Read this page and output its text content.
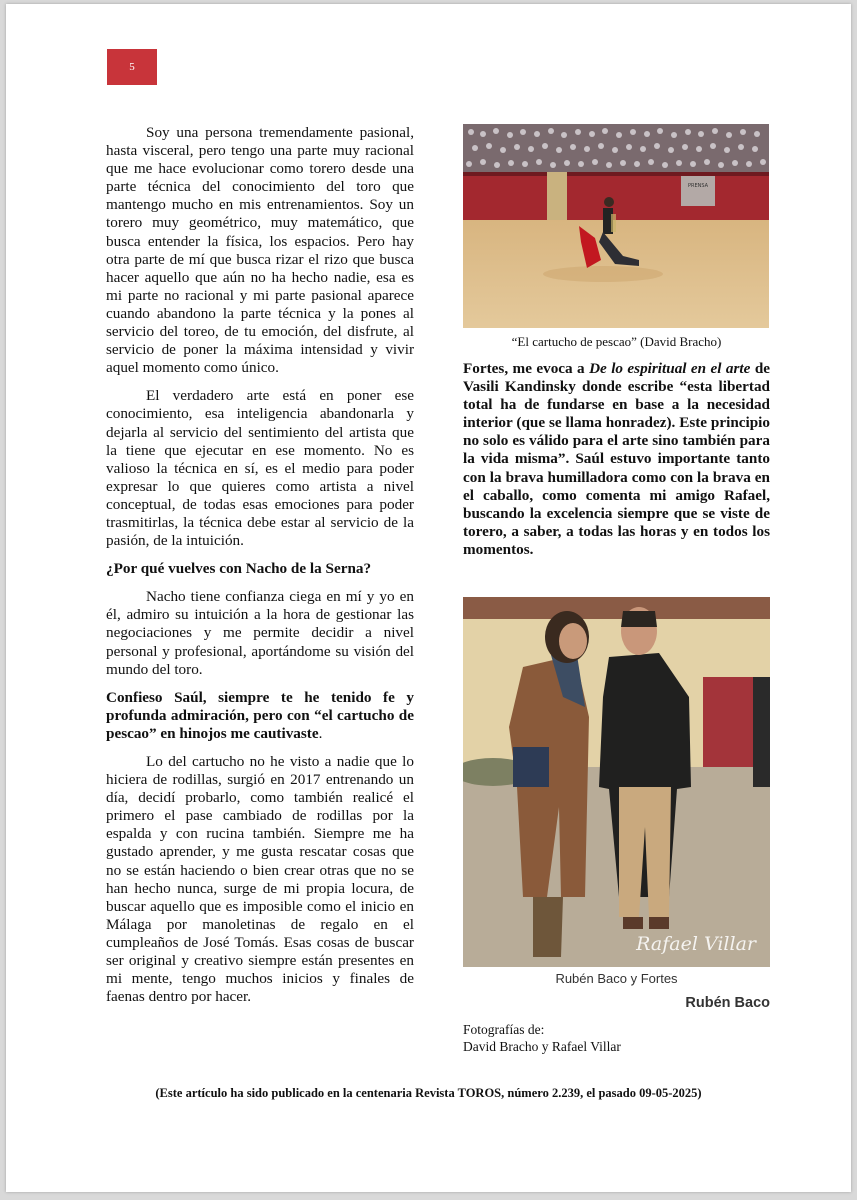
5

Soy una persona tremendamente pasional, hasta visceral, pero tengo una parte muy racional que me hace evolucionar como torero desde una parte técnica del conocimiento del toro que mantengo mucho en mis entrenamientos. Soy un torero muy geométrico, muy matemático, que busca entender la física, los espacios. Pero hay otra parte de mí que busca rizar el rizo que busca hacer aquello que aún no ha hecho nadie, esa es mi parte no racional y mi parte pasional aparece cuando abandono la parte técnica y la pones al servicio del toreo, de tu emoción, del disfrute, al servicio de poner la máxima intensidad y vivir aquel momento como único.

El verdadero arte está en poner ese conocimiento, esa inteligencia abandonarla y dejarla al servicio del sentimiento del artista que la tiene que ejecutar en ese momento. No es valioso la técnica en sí, es el medio para poder expresar lo que quieres como artista a nivel conceptual, de todas esas emociones para poder trasmitirlas, la técnica debe estar al servicio de la pasión, de la intuición.

¿Por qué vuelves con Nacho de la Serna?

Nacho tiene confianza ciega en mí y yo en él, admiro su intuición a la hora de gestionar las negociaciones y me permite decidir a nivel personal y profesional, aportándome su visión del mundo del toro.

Confieso Saúl, siempre te he tenido fe y profunda admiración, pero con “el cartucho de pescao” en hinojos me cautivaste.

Lo del cartucho no he visto a nadie que lo hiciera de rodillas, surgió en 2017 entrenando un día, decidí probarlo, como también realicé el primero el pase cambiado de rodillas por la espalda y con rucina también. Siempre me ha gustado aprender, y me gusta rescatar cosas que no se están haciendo o bien crear otras que no se han hecho nunca, surge de mi propia locura, de buscar aquello que es imposible como el inicio en Málaga por manoletinas de regalo en el cumpleaños de José Tomás. Esas cosas de buscar ser original y creativo siempre están presentes en mi mente, tengo muchos inicios y finales de faenas dentro por hacer.

PRENSA
“El cartucho de pescao” (David Bracho)

Fortes, me evoca a De lo espiritual en el arte de Vasili Kandinsky donde escribe “esta libertad total ha de fundarse en base a la necesidad interior (que se llama honradez). Este principio no solo es válido para el arte sino también para la vida misma”. Saúl estuvo importante tanto con la brava humilladora como con la brava en el caballo, como comenta mi amigo Rafael, buscando la excelencia siempre que se viste de torero, a saber, a todas las horas y en todos los momentos.

Rafael Villar
Rubén Baco y Fortes
Rubén Baco
Fotografías de:
David Bracho y Rafael Villar
(Este artículo ha sido publicado en la centenaria Revista TOROS, número 2.239, el pasado 09-05-2025)
